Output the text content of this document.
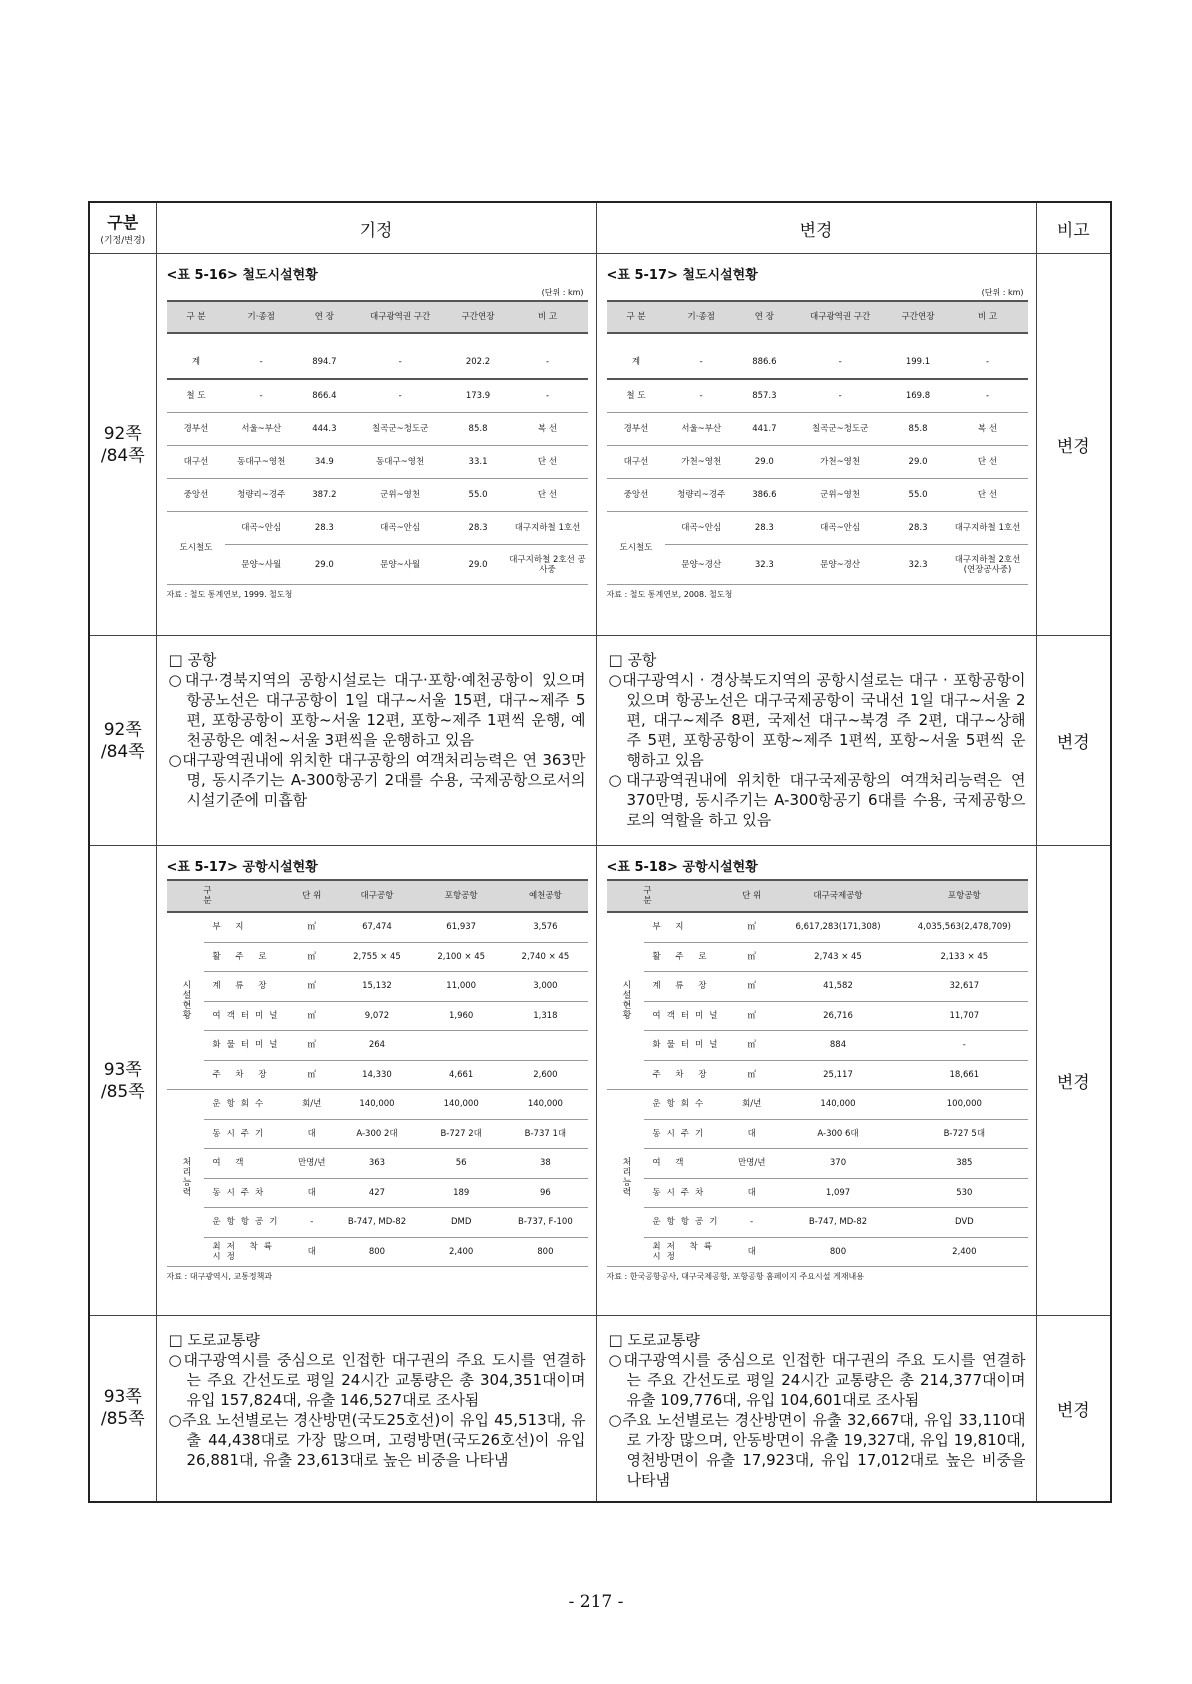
구분
(기정/변경)
	기정	변경	비고
92쪽 /84쪽	
<표 5-16> 철도시설현황
(단위 : km)
구 분	기·종점	연 장	대구광역권 구간	구간연장	비 고

계	-	894.7	-	202.2	-
철 도	-	866.4	-	173.9	-
경부선	서울~부산	444.3	칠곡군~청도군	85.8	복 선
대구선	동대구~영천	34.9	동대구~영천	33.1	단 선
중앙선	청량리~경주	387.2	군위~영천	55.0	단 선
도시철도	대곡~안심	28.3	대곡~안심	28.3	대구지하철 1호선
문양~사월	29.0	문양~사월	29.0	대구지하철 2호선 공사중
자료 : 철도 통계연보, 1999. 철도청

<표 5-17> 철도시설현황
(단위 : km)
구 분	기·종점	연 장	대구광역권 구간	구간연장	비 고

계	-	886.6	-	199.1	-
철 도	-	857.3	-	169.8	-
경부선	서울~부산	441.7	칠곡군~청도군	85.8	복 선
대구선	가천~영천	29.0	가천~영천	29.0	단 선
중앙선	청량리~경주	386.6	군위~영천	55.0	단 선
도시철도	대곡~안심	28.3	대곡~안심	28.3	대구지하철 1호선
문양~경산	32.3	문양~경산	32.3	대구지하철 2호선 (연장공사중)
자료 : 철도 통계연보, 2008. 철도청
	변경
92쪽 /84쪽	
□ 공항
○대구·경북지역의 공항시설로는 대구·포항·예천공항이 있으며 항공노선은 대구공항이 1일 대구~서울 15편, 대구~제주 5편, 포항공항이 포항~서울 12편, 포항~제주 1편씩 운행, 예천공항은 예천~서울 3편씩을 운행하고 있음
○대구광역권내에 위치한 대구공항의 여객처리능력은 연 363만명, 동시주기는 A-300항공기 2대를 수용, 국제공항으로서의 시설기준에 미흡함

□ 공항
○대구광역시 · 경상북도지역의 공항시설로는 대구 · 포항공항이 있으며 항공노선은 대구국제공항이 국내선 1일 대구~서울 2편, 대구~제주 8편, 국제선 대구~북경 주 2편, 대구~상해 주 5편, 포항공항이 포항~제주 1편씩, 포항~서울 5편씩 운행하고 있음
○대구광역권내에 위치한 대구국제공항의 여객처리능력은 연 370만명, 동시주기는 A-300항공기 6대를 수용, 국제공항으로의 역할을 하고 있음
	변경
93쪽 /85쪽	
<표 5-17> 공항시설현황
구 분	단 위	대구공항	포항공항	예천공항
시설현황	부 지	㎡	67,474	61,937	3,576
활 주 로	㎡	2,755 × 45	2,100 × 45	2,740 × 45
계 류 장	㎡	15,132	11,000	3,000
여객터미널	㎡	9,072	1,960	1,318
화물터미널	㎡	264		
주 차 장	㎡	14,330	4,661	2,600
처리능력	운항회수	회/년	140,000	140,000	140,000
동시주기	대	A-300 2대	B-727 2대	B-737 1대
여 객	만명/년	363	56	38
동시주차	대	427	189	96
운항항공기	-	B-747, MD-82	DMD	B-737, F-100
최저 착륙 시정	대	800	2,400	800
자료 : 대구광역시, 교통정책과

<표 5-18> 공항시설현황
구 분	단 위	대구국제공항	포항공항
시설현황	부 지	㎡	6,617,283(171,308)	4,035,563(2,478,709)
활 주 로	㎡	2,743 × 45	2,133 × 45
계 류 장	㎡	41,582	32,617
여객터미널	㎡	26,716	11,707
화물터미널	㎡	884	-
주 차 장	㎡	25,117	18,661
처리능력	운항회수	회/년	140,000	100,000
동시주기	대	A-300 6대	B-727 5대
여 객	만명/년	370	385
동시주차	대	1,097	530
운항항공기	-	B-747, MD-82	DVD
최저 착륙 시정	대	800	2,400
자료 : 한국공항공사, 대구국제공항, 포항공항 홈페이지 주요시설 게재내용
	변경
93쪽 /85쪽	
□ 도로교통량
○대구광역시를 중심으로 인접한 대구권의 주요 도시를 연결하는 주요 간선도로 평일 24시간 교통량은 총 304,351대이며 유입 157,824대, 유출 146,527대로 조사됨
○주요 노선별로는 경산방면(국도25호선)이 유입 45,513대, 유출 44,438대로 가장 많으며, 고령방면(국도26호선)이 유입 26,881대, 유출 23,613대로 높은 비중을 나타냄

□ 도로교통량
○대구광역시를 중심으로 인접한 대구권의 주요 도시를 연결하는 주요 간선도로 평일 24시간 교통량은 총 214,377대이며 유출 109,776대, 유입 104,601대로 조사됨
○주요 노선별로는 경산방면이 유출 32,667대, 유입 33,110대로 가장 많으며, 안동방면이 유출 19,327대, 유입 19,810대, 영천방면이 유출 17,923대, 유입 17,012대로 높은 비중을 나타냄
	변경
- 217 -
